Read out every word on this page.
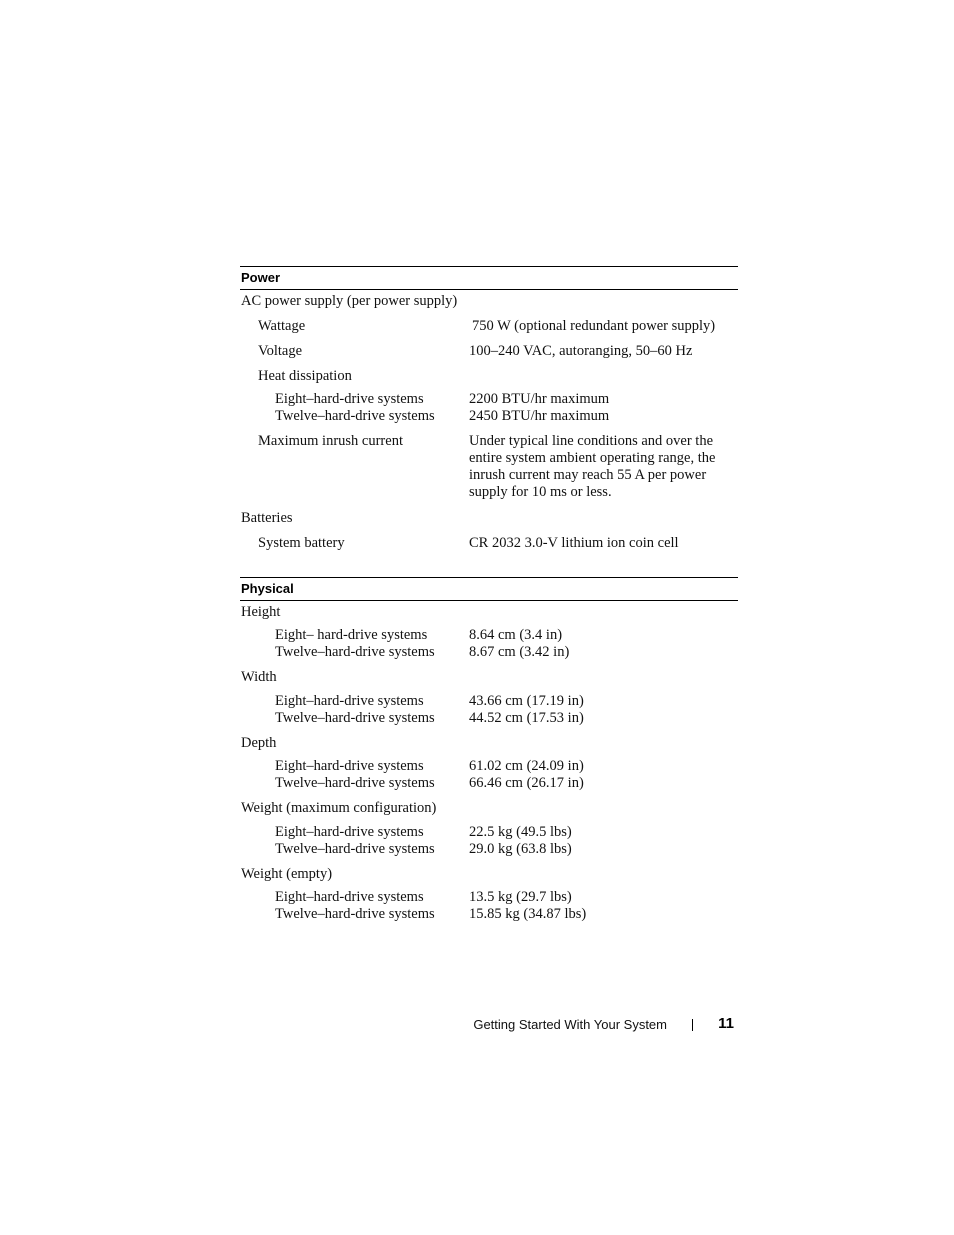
Power
AC power supply (per power supply)
Wattage	750 W (optional redundant power supply)
Voltage	100–240 VAC, autoranging, 50–60 Hz
Heat dissipation
Eight–hard-drive systems	2200 BTU/hr maximum
Twelve–hard-drive systems 2450 BTU/hr maximum
Maximum inrush current	Under typical line conditions and over the entire system ambient operating range, the inrush current may reach 55 A per power supply for 10 ms or less.
Batteries
System battery	CR 2032 3.0-V lithium ion coin cell
Physical
Height
Eight– hard-drive systems	8.64 cm (3.4 in)
Twelve–hard-drive systems 8.67 cm (3.42 in)
Width
Eight–hard-drive systems	43.66 cm (17.19 in)
Twelve–hard-drive systems 44.52 cm (17.53 in)
Depth
Eight–hard-drive systems	61.02 cm (24.09 in)
Twelve–hard-drive systems 66.46 cm (26.17 in)
Weight (maximum configuration)
Eight–hard-drive systems	22.5 kg (49.5 lbs)
Twelve–hard-drive systems 29.0 kg (63.8 lbs)
Weight (empty)
Eight–hard-drive systems	13.5 kg (29.7 lbs)
Twelve–hard-drive systems 15.85 kg (34.87 lbs)
Getting Started With Your System	11
